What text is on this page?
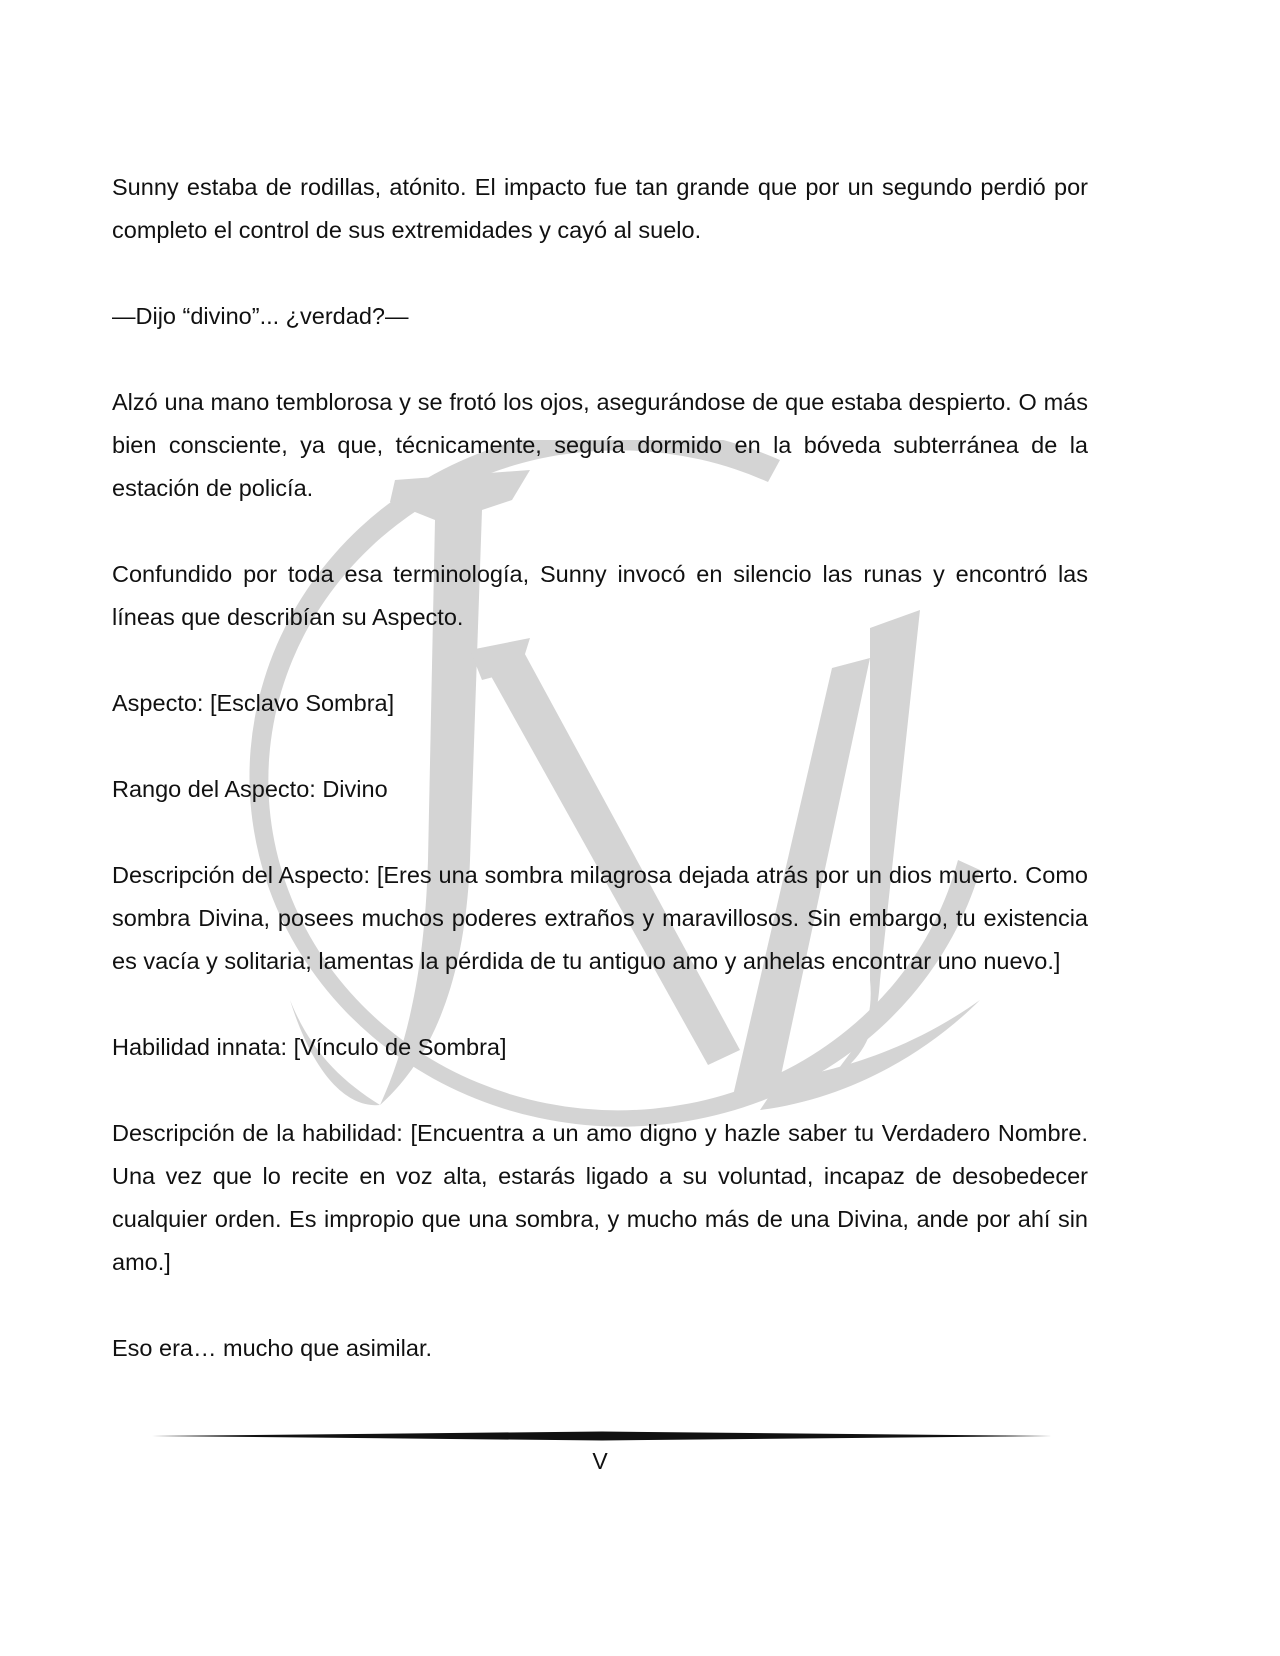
Sunny estaba de rodillas, atónito. El impacto fue tan grande que por un segundo perdió por completo el control de sus extremidades y cayó al suelo.

—Dijo “divino”... ¿verdad?—

Alzó una mano temblorosa y se frotó los ojos, asegurándose de que estaba despierto. O más bien consciente, ya que, técnicamente, seguía dormido en la bóveda subterránea de la estación de policía.

Confundido por toda esa terminología, Sunny invocó en silencio las runas y encontró las líneas que describían su Aspecto.

Aspecto: [Esclavo Sombra]

Rango del Aspecto: Divino

Descripción del Aspecto: [Eres una sombra milagrosa dejada atrás por un dios muerto. Como sombra Divina, posees muchos poderes extraños y maravillosos. Sin embargo, tu existencia es vacía y solitaria; lamentas la pérdida de tu antiguo amo y anhelas encontrar uno nuevo.]

Habilidad innata: [Vínculo de Sombra]

Descripción de la habilidad: [Encuentra a un amo digno y hazle saber tu Verdadero Nombre. Una vez que lo recite en voz alta, estarás ligado a su voluntad, incapaz de desobedecer cualquier orden. Es impropio que una sombra, y mucho más de una Divina, ande por ahí sin amo.]

Eso era… mucho que asimilar.

V
